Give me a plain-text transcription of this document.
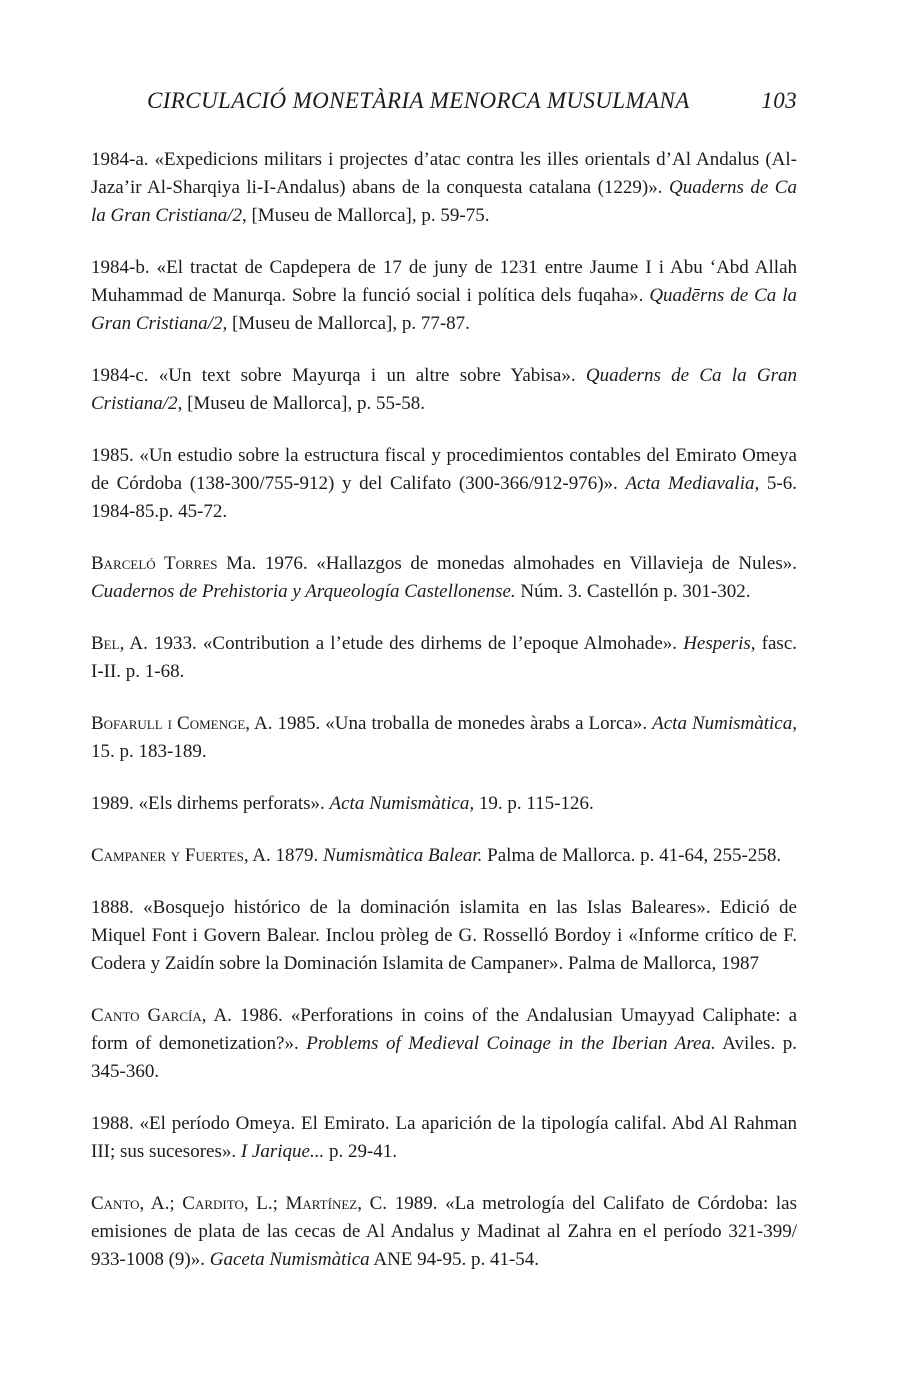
CIRCULACIÓ MONETÀRIA MENORCA MUSULMANA	103

1984-a. «Expedicions militars i projectes d’atac contra les illes orientals d’Al Andalus (Al-Jaza’ir Al-Sharqiya li-I-Andalus) abans de la conquesta catalana (1229)». Quaderns de Ca la Gran Cristiana/2, [Museu de Mallorca], p. 59-75.

1984-b. «El tractat de Capdepera de 17 de juny de 1231 entre Jaume I i Abu ‘Abd Allah Muhammad de Manurqa. Sobre la funció social i política dels fuqaha». Quadērns de Ca la Gran Cristiana/2, [Museu de Mallorca], p. 77-87.

1984-c. «Un text sobre Mayurqa i un altre sobre Yabisa». Quaderns de Ca la Gran Cristiana/2, [Museu de Mallorca], p. 55-58.

1985. «Un estudio sobre la estructura fiscal y procedimientos contables del Emirato Omeya de Córdoba (138-300/755-912) y del Califato (300-366/912-976)». Acta Mediavalia, 5-6. 1984-85.p. 45-72.

Barceló Torres Ma. 1976. «Hallazgos de monedas almohades en Villavieja de Nules». Cuadernos de Prehistoria y Arqueología Castellonense. Núm. 3. Castellón p. 301-302.

Bel, A. 1933. «Contribution a l’etude des dirhems de l’epoque Almohade». Hesperis, fasc. I-II. p. 1-68.

Bofarull i Comenge, A. 1985. «Una troballa de monedes àrabs a Lorca». Acta Numismàtica, 15. p. 183-189.

1989. «Els dirhems perforats». Acta Numismàtica, 19. p. 115-126.

Campaner y Fuertes, A. 1879. Numismàtica Balear. Palma de Mallorca. p. 41-64, 255-258.

1888. «Bosquejo histórico de la dominación islamita en las Islas Baleares». Edició de Miquel Font i Govern Balear. Inclou pròleg de G. Rosselló Bordoy i «Informe crítico de F. Codera y Zaidín sobre la Dominación Islamita de Campaner». Palma de Mallorca, 1987

Canto García, A. 1986. «Perforations in coins of the Andalusian Umayyad Caliphate: a form of demonetization?». Problems of Medieval Coinage in the Iberian Area. Aviles. p. 345-360.

1988. «El período Omeya. El Emirato. La aparición de la tipología califal. Abd Al Rahman III; sus sucesores». I Jarique... p. 29-41.

Canto, A.; Cardito, L.; Martínez, C. 1989. «La metrología del Califato de Córdoba: las emisiones de plata de las cecas de Al Andalus y Madinat al Zahra en el período 321-399/ 933-1008 (9)». Gaceta Numismàtica ANE 94-95. p. 41-54.
